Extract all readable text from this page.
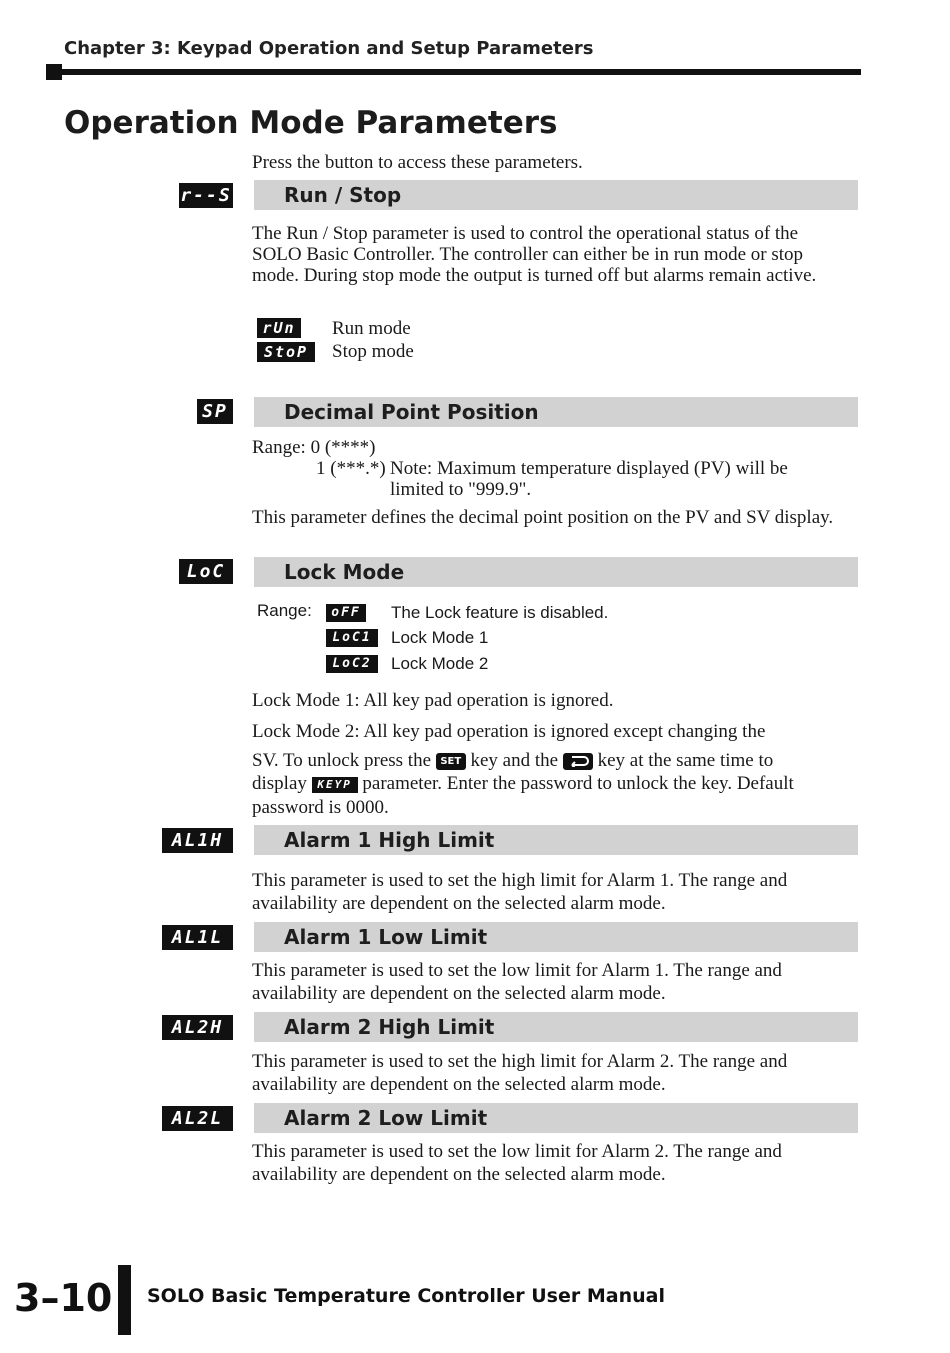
Chapter 3: Keypad Operation and Setup Parameters
Operation Mode Parameters
Press the button to access these parameters.
r--S	Run / Stop
The Run / Stop parameter is used to control the operational status of the SOLO Basic Controller. The controller can either be in run mode or stop mode. During stop mode the output is turned off but alarms remain active.
rUn Run mode
StoP	Stop mode
SP	Decimal Point Position
Range: 0 (****)
1 (***.*) Note: Maximum temperature displayed (PV) will be
limited to "999.9".
This parameter defines the decimal point position on the PV and SV display.
LoC	Lock Mode
Range:	oFF	The Lock feature is disabled.
LoC1	Lock Mode 1
LoC2	Lock Mode 2
Lock Mode 1: All key pad operation is ignored.
Lock Mode 2: All key pad operation is ignored except changing the
SV. To unlock press the SET key and the key at the same time to
display KEYP parameter. Enter the password to unlock the key. Default
password is 0000.
AL1H	Alarm 1 High Limit
This parameter is used to set the high limit for Alarm 1. The range and
availability are dependent on the selected alarm mode.
AL1L	Alarm 1 Low Limit
This parameter is used to set the low limit for Alarm 1. The range and
availability are dependent on the selected alarm mode.
AL2H	Alarm 2 High Limit
This parameter is used to set the high limit for Alarm 2. The range and
availability are dependent on the selected alarm mode.
AL2L	Alarm 2 Low Limit
This parameter is used to set the low limit for Alarm 2. The range and
availability are dependent on the selected alarm mode.
3–10 SOLO Basic Temperature Controller User Manual
